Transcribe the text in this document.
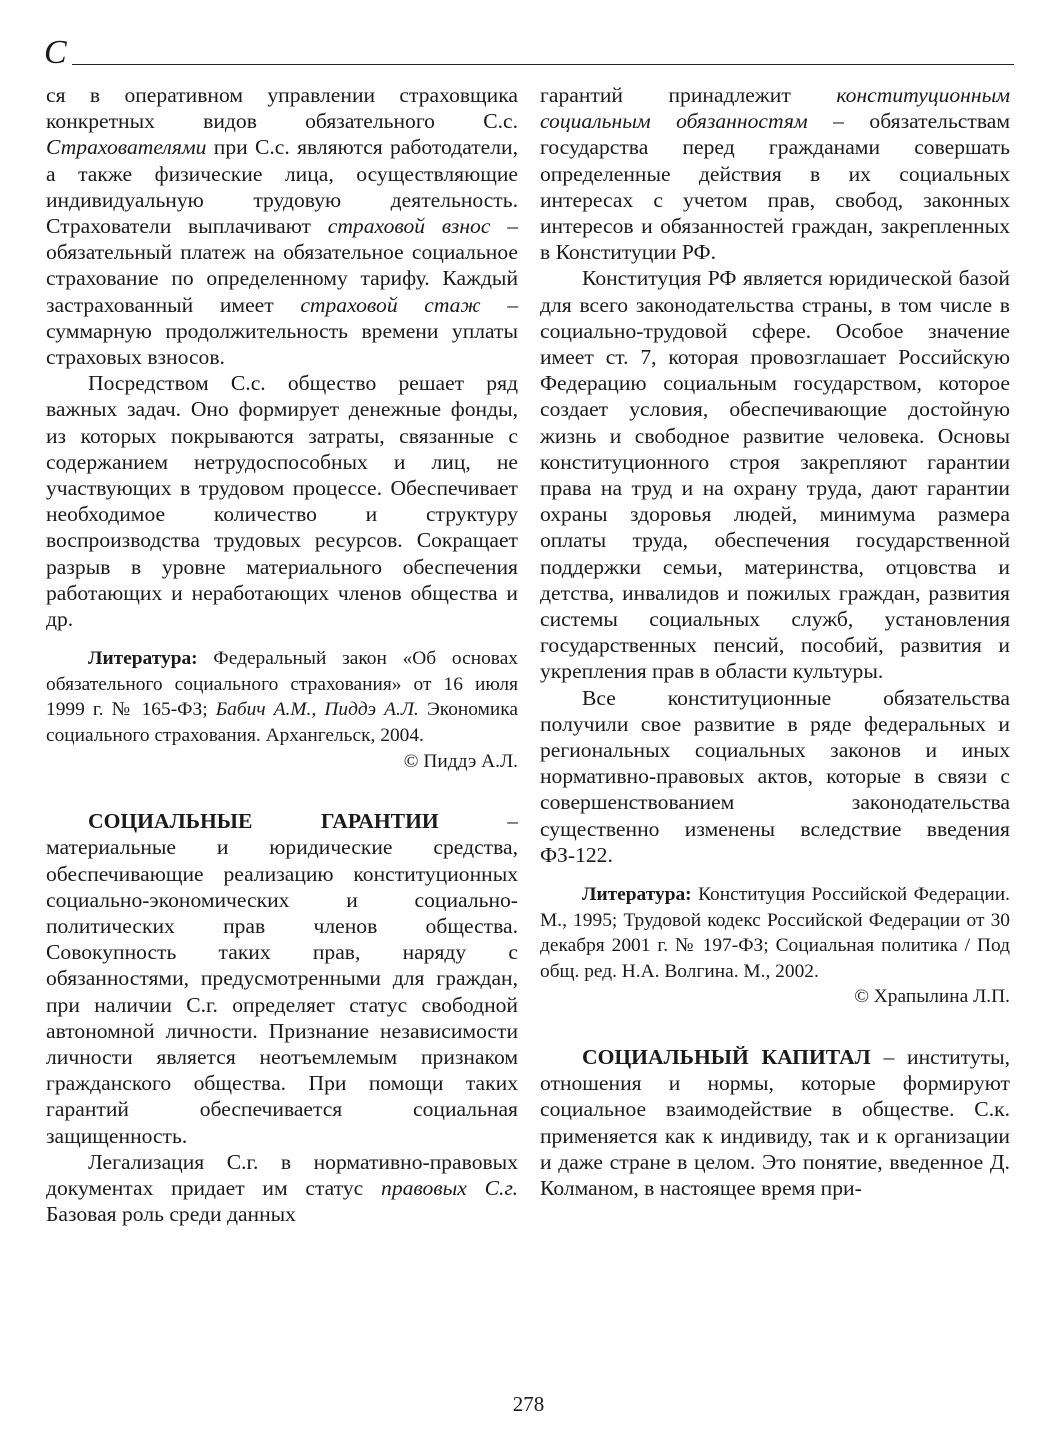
С

ся в оперативном управлении страховщика конкретных видов обязательного С.с. Страхователями при С.с. являются работодатели, а также физические лица, осуществляющие индивидуальную трудовую деятельность. Страхователи выплачивают страховой взнос – обязательный платеж на обязательное социальное страхование по определенному тарифу. Каждый застрахованный имеет страховой стаж – суммарную продолжительность времени уплаты страховых взносов.

Посредством С.с. общество решает ряд важных задач. Оно формирует денежные фонды, из которых покрываются затраты, связанные с содержанием нетрудоспособных и лиц, не участвующих в трудовом процессе. Обеспечивает необходимое количество и структуру воспроизводства трудовых ресурсов. Сокращает разрыв в уровне материального обеспечения работающих и неработающих членов общества и др.

Литература: Федеральный закон «Об основах обязательного социального страхования» от 16 июля 1999 г. № 165-ФЗ; Бабич А.М., Пиддэ А.Л. Экономика социального страхования. Архангельск, 2004.

© Пиддэ А.Л.

СОЦИАЛЬНЫЕ ГАРАНТИИ	– материальные и юридические средства, обеспечивающие реализацию конституционных социально-экономических и социально-политических прав членов общества. Совокупность таких прав, наряду с обязанностями, предусмотренными для граждан, при наличии С.г. определяет статус свободной автономной личности. Признание независимости личности является неотъемлемым признаком гражданского общества. При помощи таких гарантий обеспечивается социальная защищенность.

Легализация С.г. в нормативно-правовых документах придает им статус правовых С.г. Базовая роль среди данных

гарантий принадлежит конституционным социальным обязанностям – обязательствам государства перед гражданами совершать определенные действия в их социальных интересах с учетом прав, свобод, законных интересов и обязанностей граждан, закрепленных в Конституции РФ.

Конституция РФ является юридической базой для всего законодательства страны, в том числе в социально-трудовой сфере. Особое значение имеет ст. 7, которая провозглашает Российскую Федерацию социальным государством, которое создает условия, обеспечивающие достойную жизнь и свободное развитие человека. Основы конституционного строя закрепляют гарантии права на труд и на охрану труда, дают гарантии охраны здоровья людей, минимума размера оплаты труда, обеспечения государственной поддержки семьи, материнства, отцовства и детства, инвалидов и пожилых граждан, развития системы социальных служб, установления государственных пенсий, пособий, развития и укрепления прав в области культуры.

Все конституционные обязательства получили свое развитие в ряде федеральных и региональных социальных законов и иных нормативно-правовых актов, которые в связи с совершенствованием законодательства существенно изменены вследствие введения ФЗ-122.

Литература: Конституция Российской Федерации. М., 1995; Трудовой кодекс Российской Федерации от 30 декабря 2001 г. № 197-ФЗ; Социальная политика / Под общ. ред. Н.А. Волгина. М., 2002.

© Храпылина Л.П.

СОЦИАЛЬНЫЙ КАПИТАЛ – институты, отношения и нормы, которые формируют социальное взаимодействие в обществе. С.к. применяется как к индивиду, так и к организации и даже стране в целом. Это понятие, введенное Д. Колманом, в настоящее время при-

278
